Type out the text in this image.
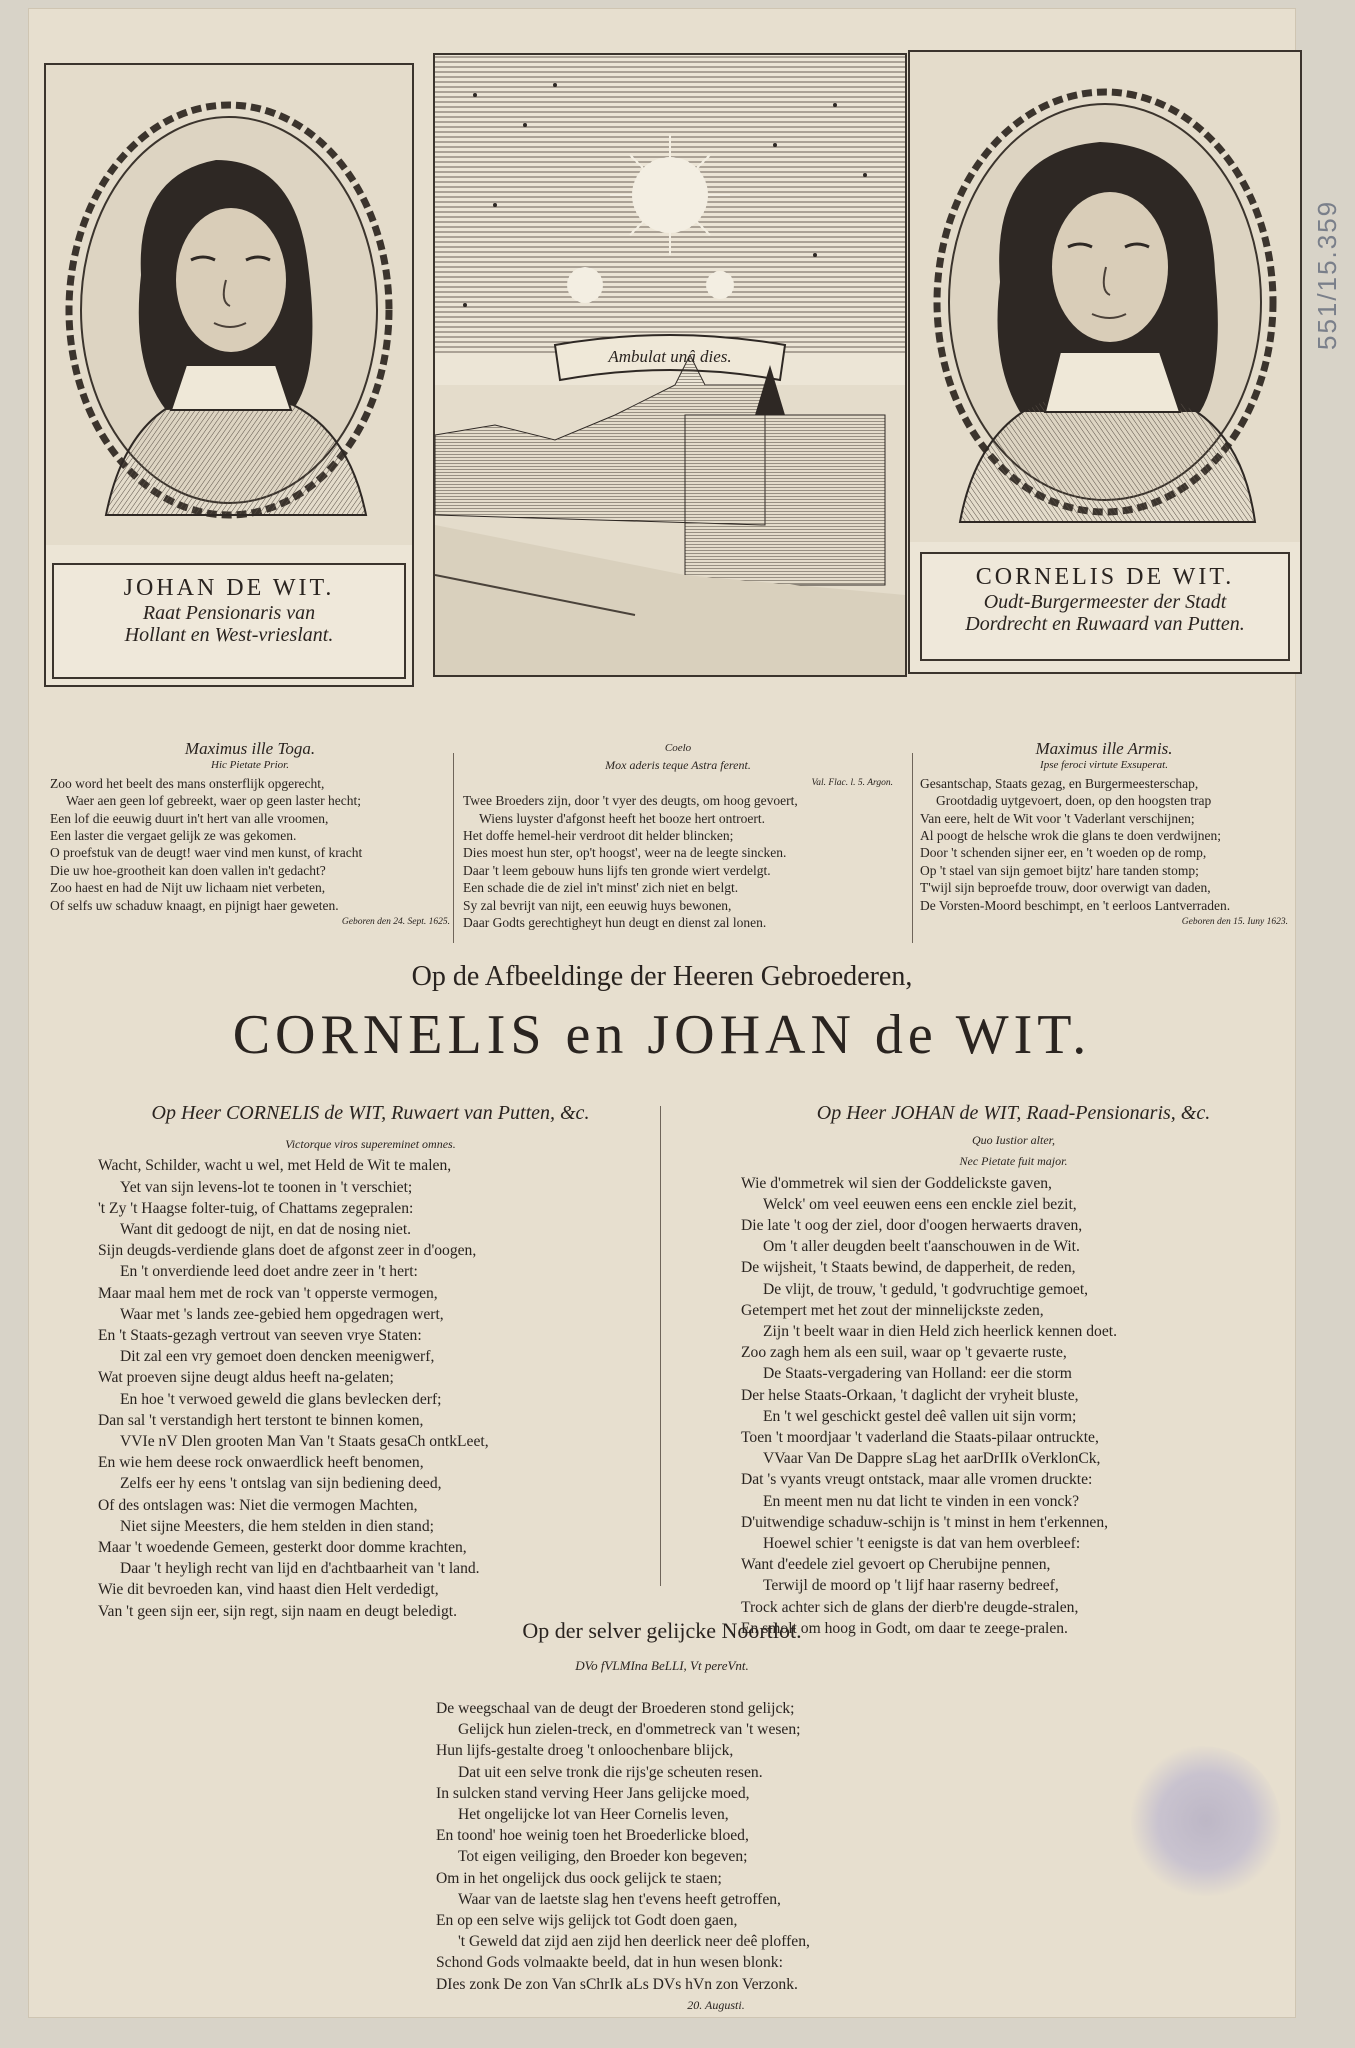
JOHAN DE WIT.
Raat Pensionaris van
Hollant en West-vrieslant.
Ambulat unâ dies.
CORNELIS DE WIT.
Oudt-Burgermeester der Stadt
Dordrecht en Ruwaard van Putten.
Maximus ille Toga.
Hic Pietate Prior.
Zoo word het beelt des mans onsterflijk opgerecht,
Waer aen geen lof gebreekt, waer op geen laster hecht;
Een lof die eeuwig duurt in't hert van alle vroomen,
Een laster die vergaet gelijk ze was gekomen.
O proefstuk van de deugt! waer vind men kunst, of kracht
Die uw hoe-grootheit kan doen vallen in't gedacht?
Zoo haest en had de Nijt uw lichaam niet verbeten,
Of selfs uw schaduw knaagt, en pijnigt haer geweten.
Geboren den 24. Sept. 1625.
Coelo
Mox aderis teque Astra ferent.
Val. Flac. l. 5. Argon.
Twee Broeders zijn, door 't vyer des deugts, om hoog gevoert,
Wiens luyster d'afgonst heeft het booze hert ontroert.
Het doffe hemel-heir verdroot dit helder blincken;
Dies moest hun ster, op't hoogst', weer na de leegte sincken.
Daar 't leem gebouw huns lijfs ten gronde wiert verdelgt.
Een schade die de ziel in't minst' zich niet en belgt.
Sy zal bevrijt van nijt, een eeuwig huys bewonen,
Daar Godts gerechtigheyt hun deugt en dienst zal lonen.
Maximus ille Armis.
Ipse feroci virtute Exsuperat.
Gesantschap, Staats gezag, en Burgermeesterschap,
Grootdadig uytgevoert, doen, op den hoogsten trap
Van eere, helt de Wit voor 't Vaderlant verschijnen;
Al poogt de helsche wrok die glans te doen verdwijnen;
Door 't schenden sijner eer, en 't woeden op de romp,
Op 't stael van sijn gemoet bijtz' hare tanden stomp;
T'wijl sijn beproefde trouw, door overwigt van daden,
De Vorsten-Moord beschimpt, en 't eerloos Lantverraden.
Geboren den 15. Iuny 1623.
Op de Afbeeldinge der Heeren Gebroederen,
CORNELIS en JOHAN de WIT.
Op Heer CORNELIS de WIT, Ruwaert van Putten, &c.
Victorque viros supereminet omnes.
Wacht, Schilder, wacht u wel, met Held de Wit te malen,
Yet van sijn levens-lot te toonen in 't verschiet;
't Zy 't Haagse folter-tuig, of Chattams zegepralen:
Want dit gedoogt de nijt, en dat de nosing niet.
Sijn deugds-verdiende glans doet de afgonst zeer in d'oogen,
En 't onverdiende leed doet andre zeer in 't hert:
Maar maal hem met de rock van 't opperste vermogen,
Waar met 's lands zee-gebied hem opgedragen wert,
En 't Staats-gezagh vertrout van seeven vrye Staten:
Dit zal een vry gemoet doen dencken meenigwerf,
Wat proeven sijne deugt aldus heeft na-gelaten;
En hoe 't verwoed geweld die glans bevlecken derf;
Dan sal 't verstandigh hert terstont te binnen komen,
VVIe nV Dlen grooten Man Van 't Staats gesaCh ontkLeet,
En wie hem deese rock onwaerdlick heeft benomen,
Zelfs eer hy eens 't ontslag van sijn bediening deed,
Of des ontslagen was: Niet die vermogen Machten,
Niet sijne Meesters, die hem stelden in dien stand;
Maar 't woedende Gemeen, gesterkt door domme krachten,
Daar 't heyligh recht van lijd en d'achtbaarheit van 't land.
Wie dit bevroeden kan, vind haast dien Helt verdedigt,
Van 't geen sijn eer, sijn regt, sijn naam en deugt beledigt.
Op Heer JOHAN de WIT, Raad-Pensionaris, &c.
Quo Iustior alter,
Nec Pietate fuit major.
Wie d'ommetrek wil sien der Goddelickste gaven,
Welck' om veel eeuwen eens een enckle ziel bezit,
Die late 't oog der ziel, door d'oogen herwaerts draven,
Om 't aller deugden beelt t'aanschouwen in de Wit.
De wijsheit, 't Staats bewind, de dapperheit, de reden,
De vlijt, de trouw, 't geduld, 't godvruchtige gemoet,
Getempert met het zout der minnelijckste zeden,
Zijn 't beelt waar in dien Held zich heerlick kennen doet.
Zoo zagh hem als een suil, waar op 't gevaerte ruste,
De Staats-vergadering van Holland: eer die storm
Der helse Staats-Orkaan, 't daglicht der vryheit bluste,
En 't wel geschickt gestel deê vallen uit sijn vorm;
Toen 't moordjaar 't vaderland die Staats-pilaar ontruckte,
VVaar Van De Dappre sLag het aarDrIIk oVerklonCk,
Dat 's vyants vreugt ontstack, maar alle vromen druckte:
En meent men nu dat licht te vinden in een vonck?
D'uitwendige schaduw-schijn is 't minst in hem t'erkennen,
Hoewel schier 't eenigste is dat van hem overbleef:
Want d'eedele ziel gevoert op Cherubijne pennen,
Terwijl de moord op 't lijf haar raserny bedreef,
Trock achter sich de glans der dierb're deugde-stralen,
En smolt om hoog in Godt, om daar te zeege-pralen.
Op der selver gelijcke Noortlot.
DVo fVLMIna BeLLI, Vt pereVnt.
De weegschaal van de deugt der Broederen stond gelijck;
Gelijck hun zielen-treck, en d'ommetreck van 't wesen;
Hun lijfs-gestalte droeg 't onloochenbare blijck,
Dat uit een selve tronk die rijs'ge scheuten resen.
In sulcken stand verving Heer Jans gelijcke moed,
Het ongelijcke lot van Heer Cornelis leven,
En toond' hoe weinig toen het Broederlicke bloed,
Tot eigen veiliging, den Broeder kon begeven;
Om in het ongelijck dus oock gelijck te staen;
Waar van de laetste slag hen t'evens heeft getroffen,
En op een selve wijs gelijck tot Godt doen gaen,
't Geweld dat zijd aen zijd hen deerlick neer deê ploffen,
Schond Gods volmaakte beeld, dat in hun wesen blonk:
DIes zonk De zon Van sChrIk aLs DVs hVn zon Verzonk.
20. Augusti.
551/15.359
